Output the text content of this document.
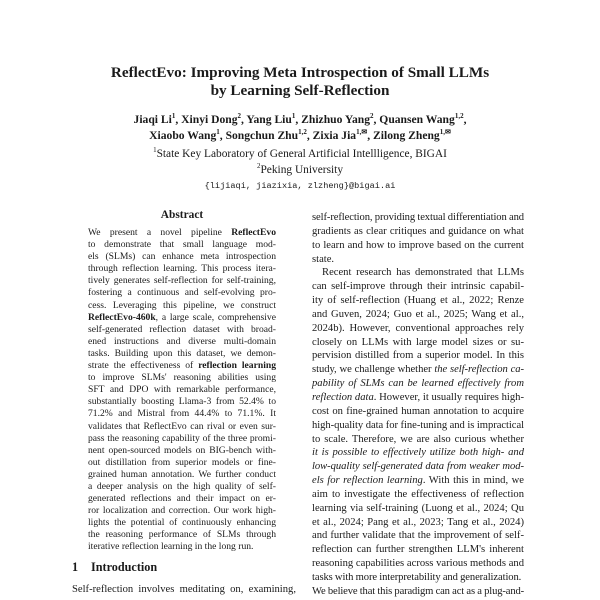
ReflectEvo: Improving Meta Introspection of Small LLMs
by Learning Self-Reflection
Jiaqi Li$^1$, Xinyi Dong$^2$, Yang Liu$^1$, Zhizhuo Yang$^2$, Quansen Wang$^{1,2}$,
Xiaobo Wang$^1$, Songchun Zhu$^{1,2}$, Zixia Jia$^{1,✉}$, Zilong Zheng$^{1,✉}$
$^1$State Key Laboratory of General Artificial Intellligence, BIGAI
$^2$Peking University
{lijiaqi, jiazixia, zlzheng}@bigai.ai
Abstract
We present a novel pipeline ReflectEvo
to demonstrate that small language mod-
els (SLMs) can enhance meta introspection
through reflection learning. This process itera-
tively generates self-reflection for self-training,
fostering a continuous and self-evolving pro-
cess. Leveraging this pipeline, we construct
ReflectEvo-460k, a large scale, comprehensive
self-generated reflection dataset with broad-
ened instructions and diverse multi-domain
tasks. Building upon this dataset, we demon-
strate the effectiveness of reflection learning
to improve SLMs' reasoning abilities using
SFT and DPO with remarkable performance,
substantially boosting Llama-3 from 52.4% to
71.2% and Mistral from 44.4% to 71.1%. It
validates that ReflectEvo can rival or even sur-
pass the reasoning capability of the three promi-
nent open-sourced models on BIG-bench with-
out distillation from superior models or fine-
grained human annotation. We further conduct
a deeper analysis on the high quality of self-
generated reflections and their impact on er-
ror localization and correction. Our work high-
lights the potential of continuously enhancing
the reasoning performance of SLMs through
iterative reflection learning in the long run.
1 Introduction
Self-reflection involves meditating on, examining,
self-reflection, providing textual differentiation and
gradients as clear critiques and guidance on what
to learn and how to improve based on the current
state.
Recent research has demonstrated that LLMs
can self-improve through their intrinsic capabil-
ity of self-reflection (Huang et al., 2022; Renze
and Guven, 2024; Guo et al., 2025; Wang et al.,
2024b). However, conventional approaches rely
closely on LLMs with large model sizes or su-
pervision distilled from a superior model. In this
study, we challenge whether the self-reflection ca-
pability of SLMs can be learned effectively from
reflection data. However, it usually requires high-
cost on fine-grained human annotation to acquire
high-quality data for fine-tuning and is impractical
to scale. Therefore, we are also curious whether
it is possible to effectively utilize both high- and
low-quality self-generated data from weaker mod-
els for reflection learning. With this in mind, we
aim to investigate the effectiveness of reflection
learning via self-training (Luong et al., 2024; Qu
et al., 2024; Pang et al., 2023; Tang et al., 2024)
and further validate that the improvement of self-
reflection can further strengthen LLM's inherent
reasoning capabilities across various methods and
tasks with more interpretability and generalization.
We believe that this paradigm can act as a plug-and-
